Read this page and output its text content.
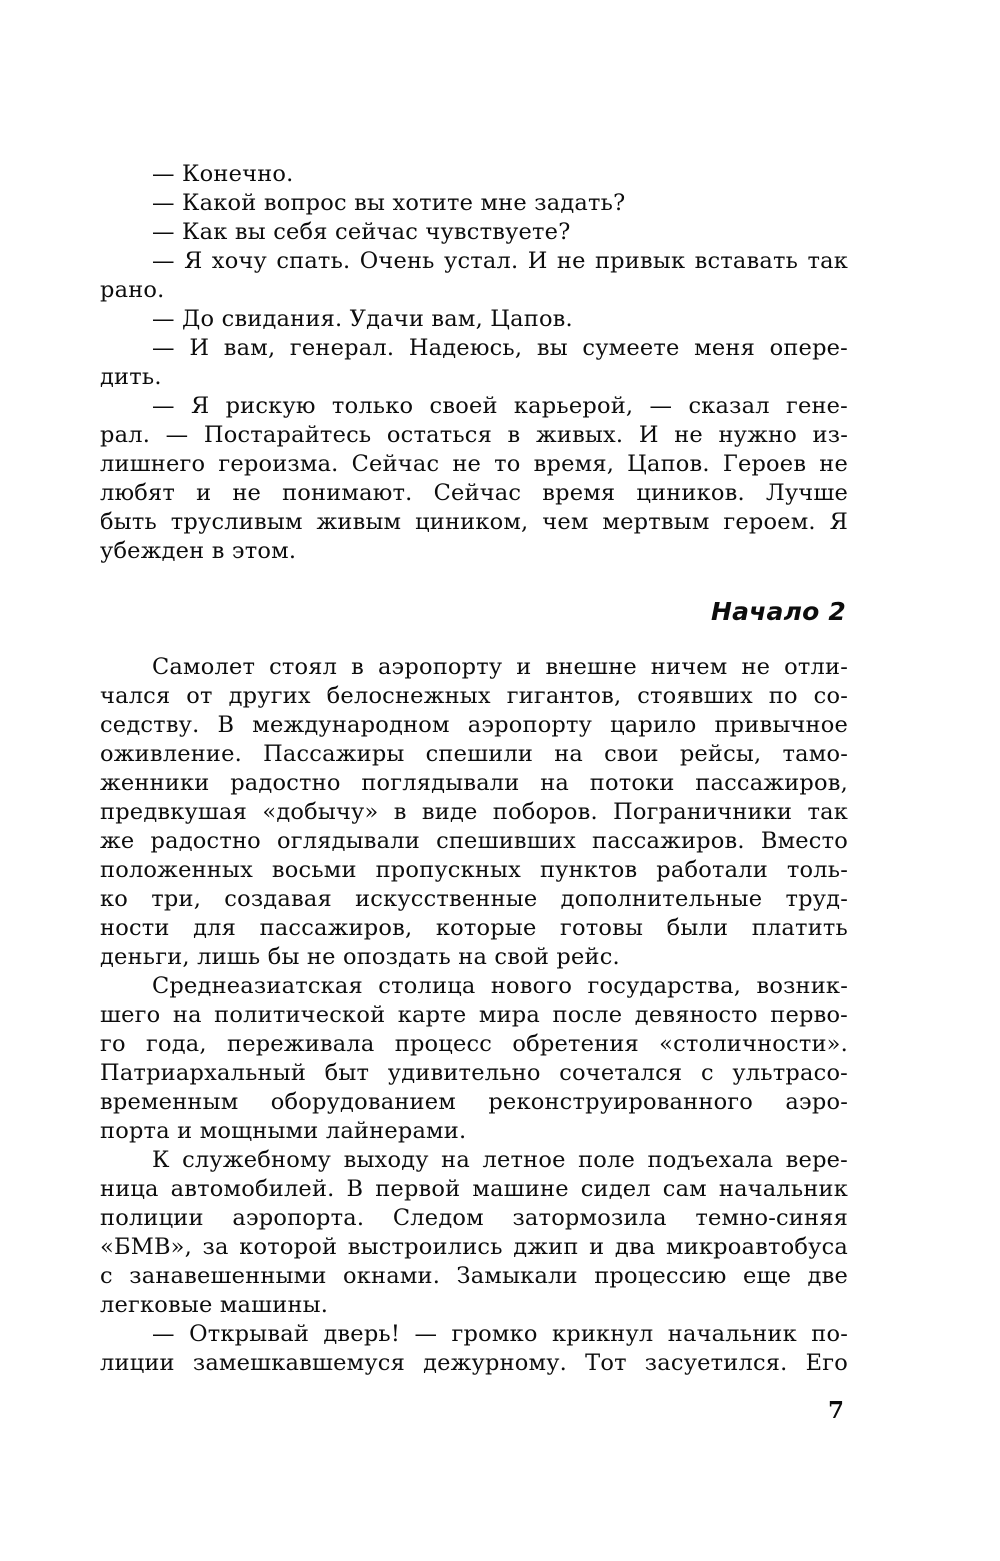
— Конечно.
— Какой вопрос вы хотите мне задать?
— Как вы себя сейчас чувствуете?
— Я хочу спать. Очень устал. И не привык вставать так
рано.
— До свидания. Удачи вам, Цапов.
— И вам, генерал. Надеюсь, вы сумеете меня опере-
дить.
— Я рискую только своей карьерой, — сказал гене-
рал. — Постарайтесь остаться в живых. И не нужно из-
лишнего героизма. Сейчас не то время, Цапов. Героев не
любят и не понимают. Сейчас время циников. Лучше
быть трусливым живым циником, чем мертвым героем. Я
убежден в этом.
Начало 2
Самолет стоял в аэропорту и внешне ничем не отли-
чался от других белоснежных гигантов, стоявших по со-
седству. В международном аэропорту царило привычное
оживление. Пассажиры спешили на свои рейсы, тамо-
женники радостно поглядывали на потоки пассажиров,
предвкушая «добычу» в виде поборов. Пограничники так
же радостно оглядывали спешивших пассажиров. Вместо
положенных восьми пропускных пунктов работали толь-
ко три, создавая искусственные дополнительные труд-
ности для пассажиров, которые готовы были платить
деньги, лишь бы не опоздать на свой рейс.
Среднеазиатская столица нового государства, возник-
шего на политической карте мира после девяносто перво-
го года, переживала процесс обретения «столичности».
Патриархальный быт удивительно сочетался с ультрасо-
временным оборудованием реконструированного аэро-
порта и мощными лайнерами.
К служебному выходу на летное поле подъехала вере-
ница автомобилей. В первой машине сидел сам начальник
полиции аэропорта. Следом затормозила темно-синяя
«БМВ», за которой выстроились джип и два микроавтобуса
с занавешенными окнами. Замыкали процессию еще две
легковые машины.
— Открывай дверь! — громко крикнул начальник по-
лиции замешкавшемуся дежурному. Тот засуетился. Его
7
